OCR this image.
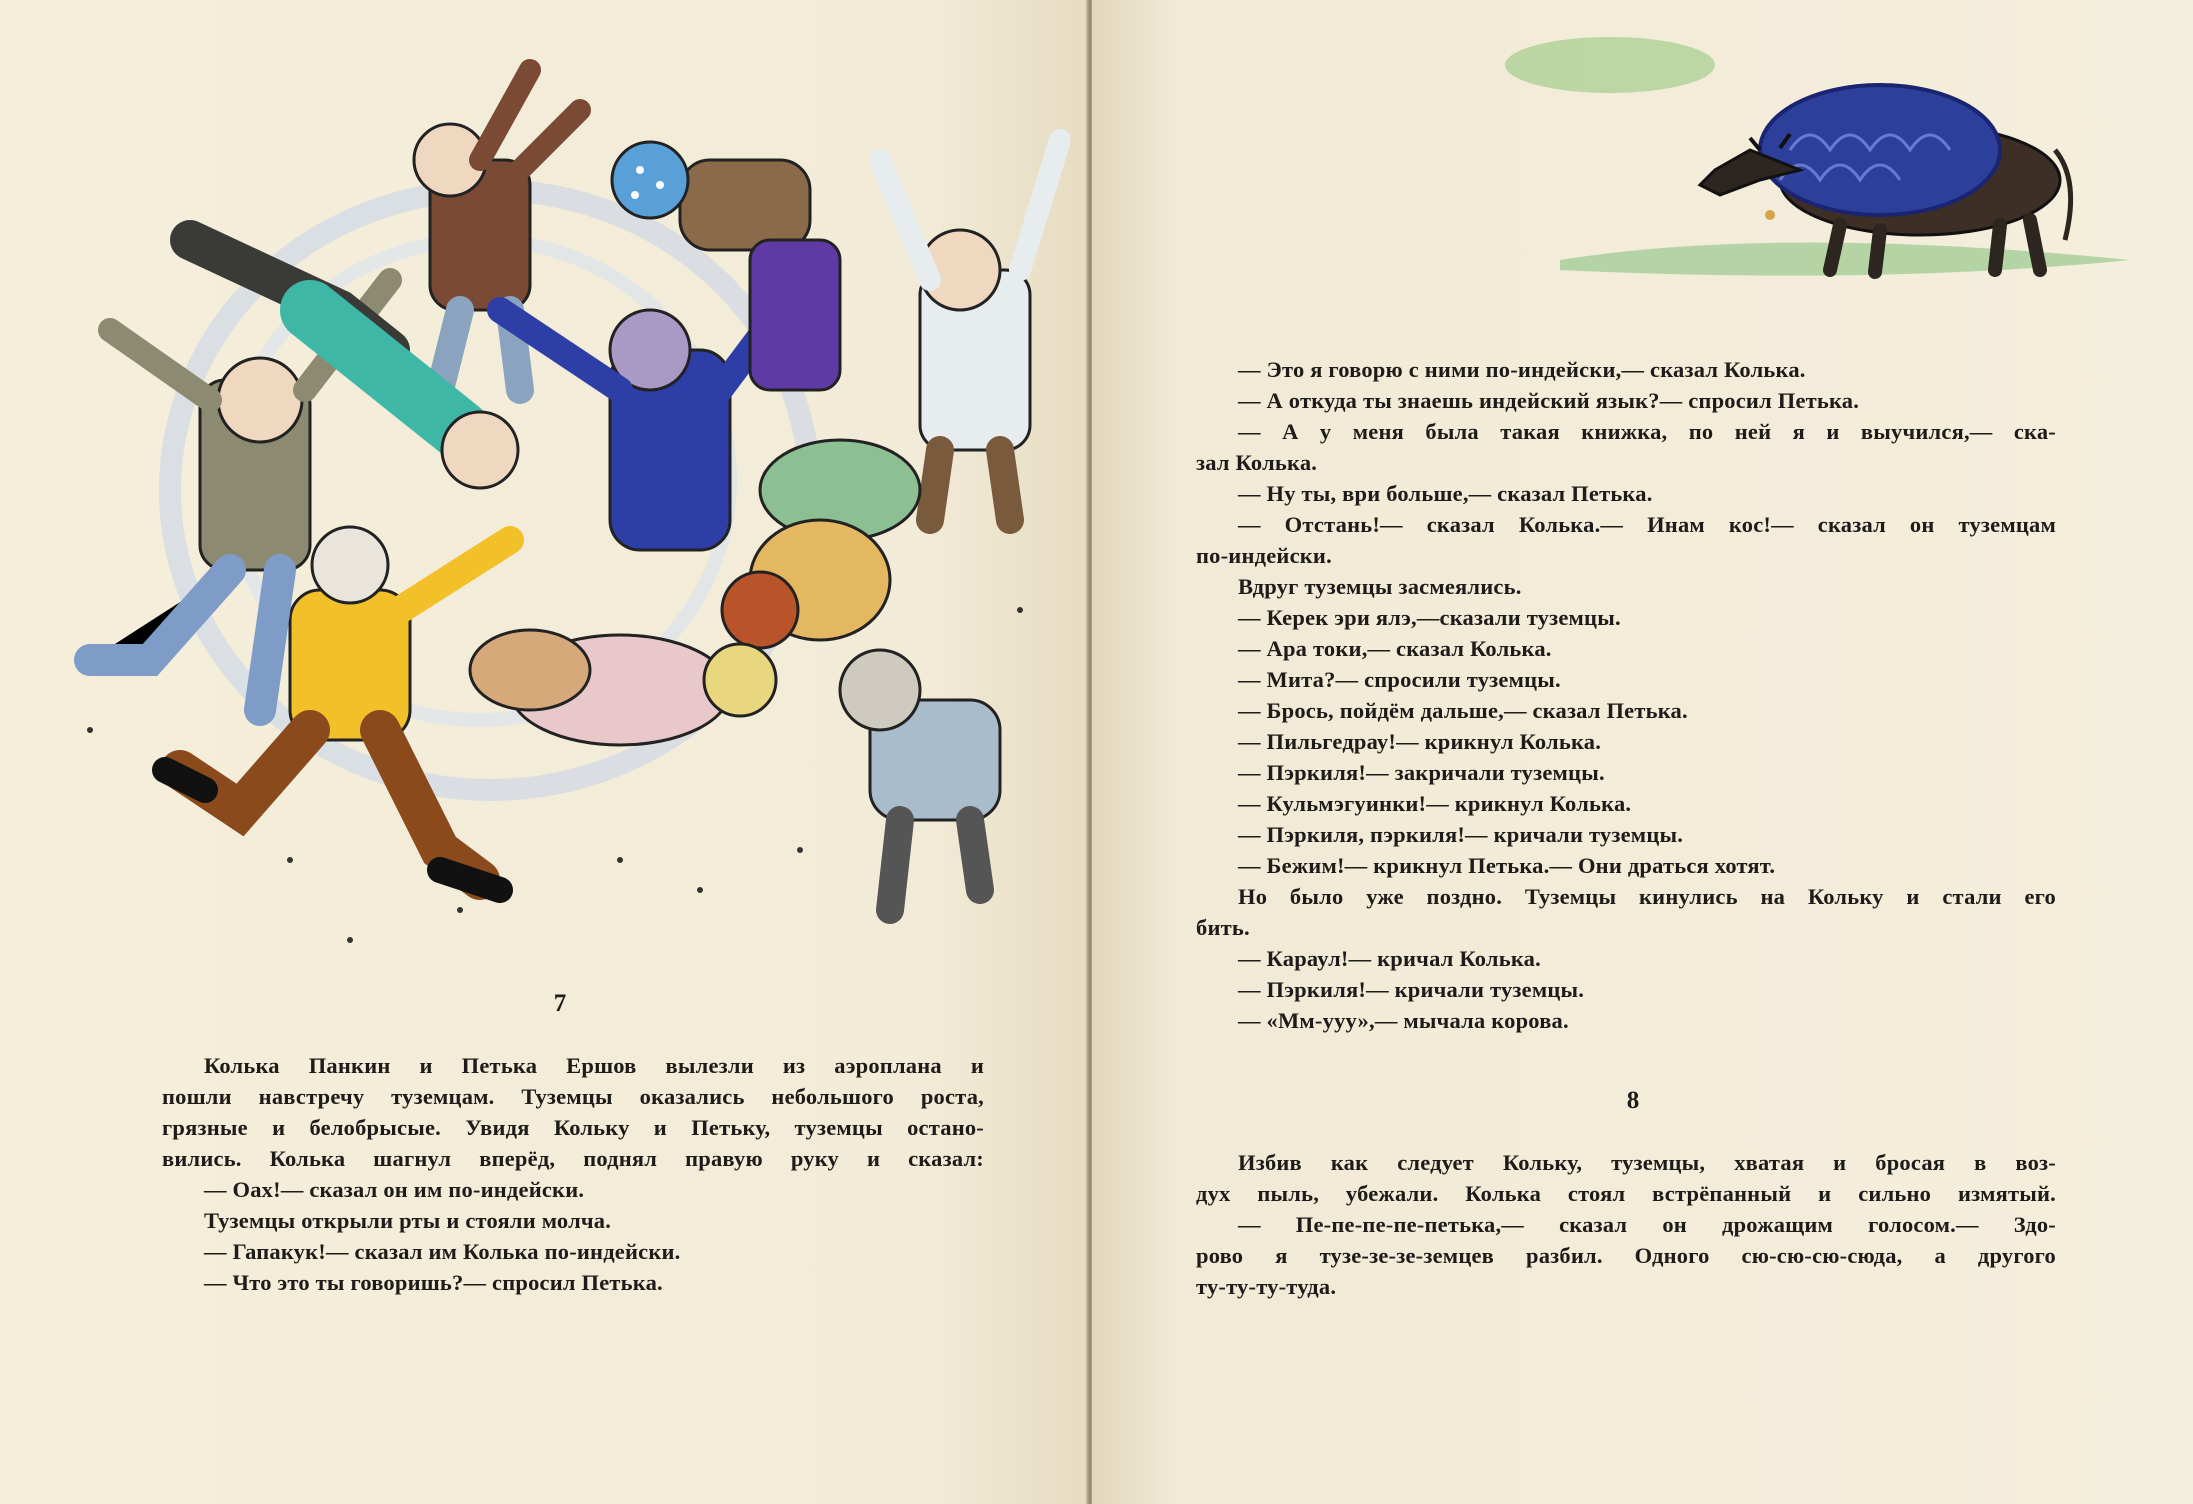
7

Колька Панкин и Петька Ершов вылезли из аэроплана и

пошли навстречу туземцам. Туземцы оказались небольшого роста,

грязные и белобрысые. Увидя Кольку и Петьку, туземцы остано-

вились. Колька шагнул вперёд, поднял правую руку и сказал:

— Оах!— сказал он им по-индейски.

Туземцы открыли рты и стояли молча.

— Гапакук!— сказал им Колька по-индейски.

— Что это ты говоришь?— спросил Петька.

— Это я говорю с ними по-индейски,— сказал Колька.

— А откуда ты знаешь индейский язык?— спросил Петька.

— А у меня была такая книжка, по ней я и выучился,— ска-

зал Колька.

— Ну ты, ври больше,— сказал Петька.

— Отстань!— сказал Колька.— Инам кос!— сказал он туземцам

по-индейски.

Вдруг туземцы засмеялись.

— Керек эри ялэ,—сказали туземцы.

— Ара токи,— сказал Колька.

— Мита?— спросили туземцы.

— Брось, пойдём дальше,— сказал Петька.

— Пильгедрау!— крикнул Колька.

— Пэркиля!— закричали туземцы.

— Кульмэгуинки!— крикнул Колька.

— Пэркиля, пэркиля!— кричали туземцы.

— Бежим!— крикнул Петька.— Они драться хотят.

Но было уже поздно. Туземцы кинулись на Кольку и стали его

бить.

— Караул!— кричал Колька.

— Пэркиля!— кричали туземцы.

— «Мм-ууу»,— мычала корова.

8

Избив как следует Кольку, туземцы, хватая и бросая в воз-

дух пыль, убежали. Колька стоял встрёпанный и сильно измятый.

— Пе-пе-пе-пе-петька,— сказал он дрожащим голосом.— Здо-

рово я тузе-зе-зе-земцев разбил. Одного сю-сю-сю-сюда, а другого

ту-ту-ту-туда.
